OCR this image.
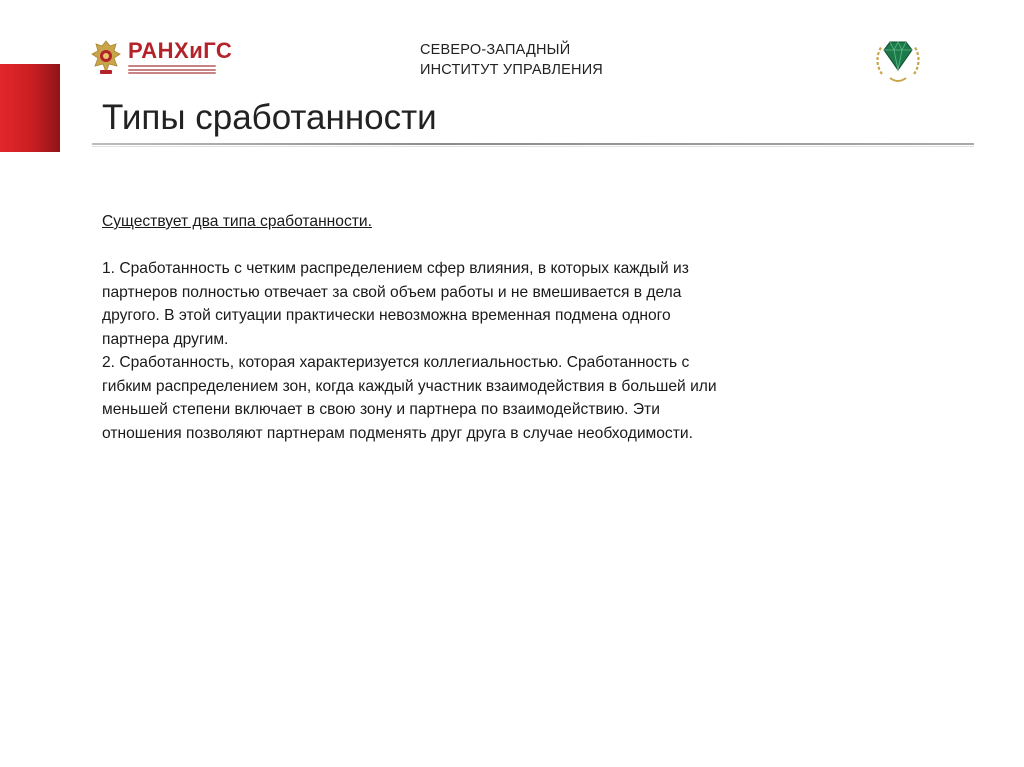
РАНХиГС	СЕВЕРО-ЗАПАДНЫЙ
ИНСТИТУТ УПРАВЛЕНИЯ
Типы сработанности
Существует два типа сработанности.
1. Сработанность с четким распределением сфер влияния, в которых каждый из
партнеров полностью отвечает за свой объем работы и не вмешивается в дела
другого. В этой ситуации практически невозможна временная подмена одного
партнера другим.
2. Сработанность, которая характеризуется коллегиальностью. Сработанность с
гибким распределением зон, когда каждый участник взаимодействия в большей или
меньшей степени включает в свою зону и партнера по взаимодействию. Эти
отношения позволяют партнерам подменять друг друга в случае необходимости.
